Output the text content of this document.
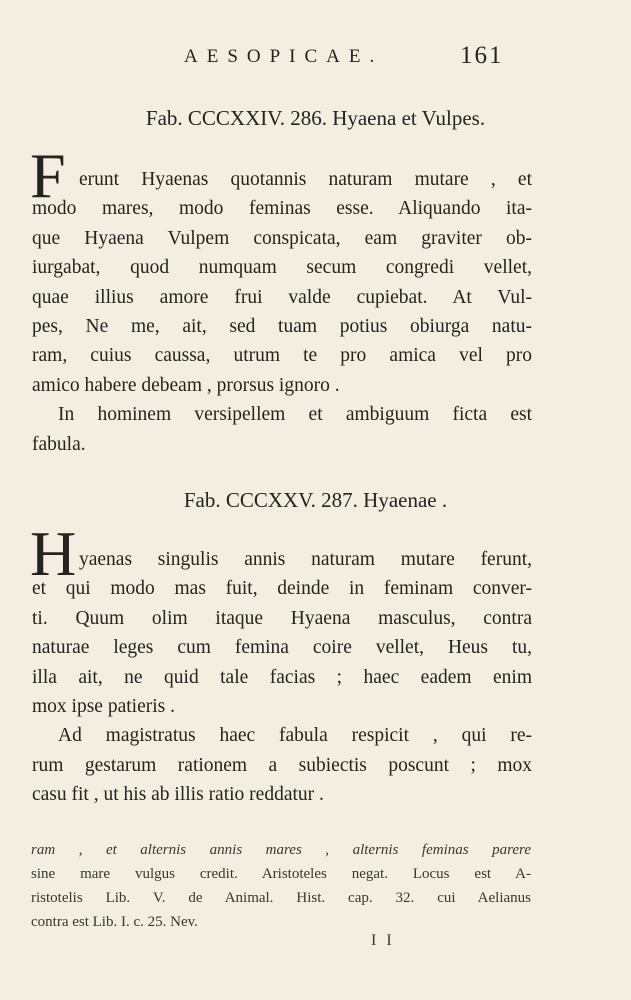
AESOPICAE.	161
Fab. CCCXXIV. 286. Hyaena et Vulpes.
F erunt Hyaenas quotannis naturam mutare , et
modo mares, modo feminas esse. Aliquando ita-
que Hyaena Vulpem conspicata, eam graviter ob-
iurgabat, quod numquam secum congredi vellet,
quae illius amore frui valde cupiebat. At Vul-
pes, Ne me, ait, sed tuam potius obiurga natu-
ram, cuius caussa, utrum te pro amica vel pro
amico habere debeam , prorsus ignoro .
In hominem versipellem et ambiguum ficta est
fabula.
Fab. CCCXXV. 287. Hyaenae .
H yaenas singulis annis naturam mutare ferunt,
et qui modo mas fuit, deinde in feminam conver-
ti. Quum olim itaque Hyaena masculus, contra
naturae leges cum femina coire vellet, Heus tu,
illa ait, ne quid tale facias ; haec eadem enim
mox ipse patieris .
Ad magistratus haec fabula respicit , qui re-
rum gestarum rationem a subiectis poscunt ; mox
casu fit , ut his ab illis ratio reddatur .
ram , et alternis annis mares , alternis feminas parere
sine mare vulgus credit. Aristoteles negat. Locus est A-
ristotelis Lib. V. de Animal. Hist. cap. 32. cui Aelianus
contra est Lib. I. c. 25. Nev.
I I
